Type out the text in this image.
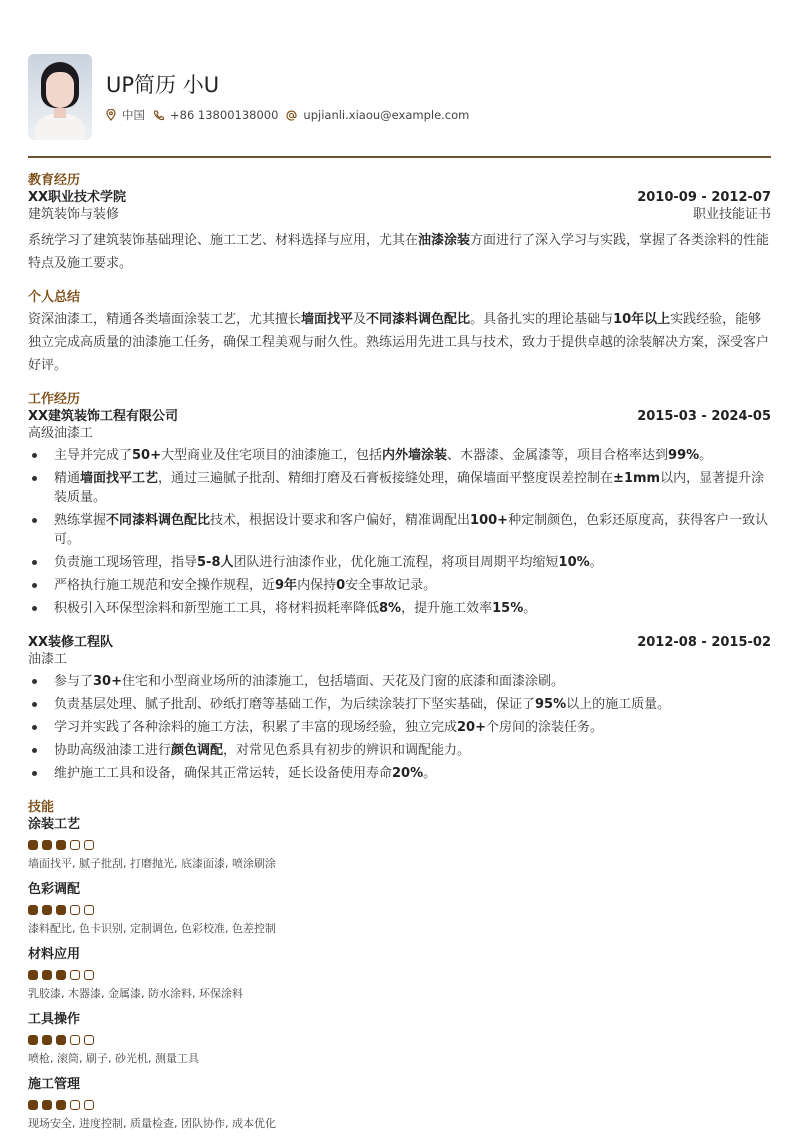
UP简历 小U
中国 +86 13800138000 upjianli.xiaou@example.com
教育经历
XX职业技术学院	2010-09 - 2012-07
建筑装饰与装修	职业技能证书
系统学习了建筑装饰基础理论、施工工艺、材料选择与应用，尤其在油漆涂装方面进行了深入学习与实践，掌握了各类涂料的性能特点及施工要求。
个人总结
资深油漆工，精通各类墙面涂装工艺，尤其擅长墙面找平及不同漆料调色配比。具备扎实的理论基础与10年以上实践经验，能够独立完成高质量的油漆施工任务，确保工程美观与耐久性。熟练运用先进工具与技术，致力于提供卓越的涂装解决方案，深受客户好评。
工作经历
XX建筑装饰工程有限公司	2015-03 - 2024-05
高级油漆工
主导并完成了50+大型商业及住宅项目的油漆施工，包括内外墙涂装、木器漆、金属漆等，项目合格率达到99%。
精通墙面找平工艺，通过三遍腻子批刮、精细打磨及石膏板接缝处理，确保墙面平整度误差控制在±1mm以内，显著提升涂装质量。
熟练掌握不同漆料调色配比技术，根据设计要求和客户偏好，精准调配出100+种定制颜色，色彩还原度高，获得客户一致认可。
负责施工现场管理，指导5-8人团队进行油漆作业，优化施工流程，将项目周期平均缩短10%。
严格执行施工规范和安全操作规程，近9年内保持0安全事故记录。
积极引入环保型涂料和新型施工工具，将材料损耗率降低8%，提升施工效率15%。
XX装修工程队	2012-08 - 2015-02
油漆工
参与了30+住宅和小型商业场所的油漆施工，包括墙面、天花及门窗的底漆和面漆涂刷。
负责基层处理、腻子批刮、砂纸打磨等基础工作，为后续涂装打下坚实基础，保证了95%以上的施工质量。
学习并实践了各种涂料的施工方法，积累了丰富的现场经验，独立完成20+个房间的涂装任务。
协助高级油漆工进行颜色调配，对常见色系具有初步的辨识和调配能力。
维护施工工具和设备，确保其正常运转，延长设备使用寿命20%。
技能
涂装工艺
墙面找平, 腻子批刮, 打磨抛光, 底漆面漆, 喷涂刷涂
色彩调配
漆料配比, 色卡识别, 定制调色, 色彩校准, 色差控制
材料应用
乳胶漆, 木器漆, 金属漆, 防水涂料, 环保涂料
工具操作
喷枪, 滚筒, 刷子, 砂光机, 测量工具
施工管理
现场安全, 进度控制, 质量检查, 团队协作, 成本优化
